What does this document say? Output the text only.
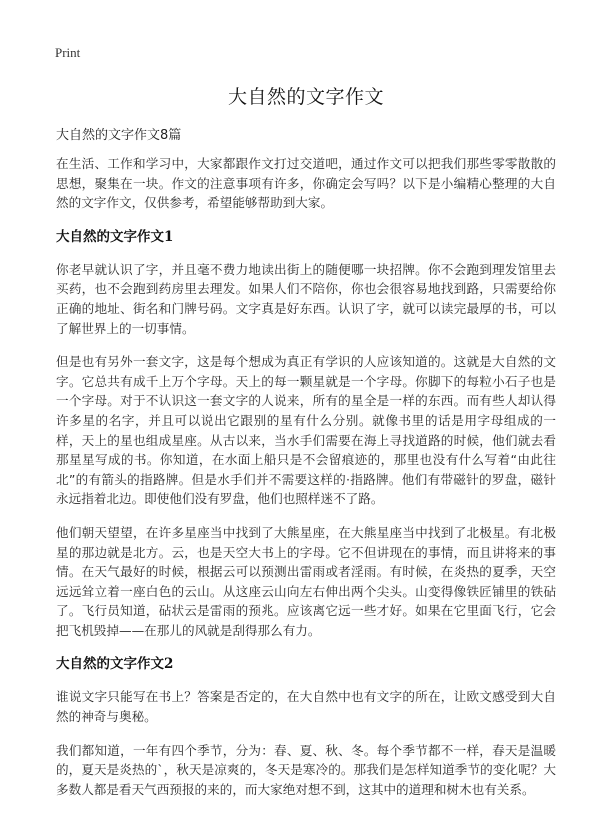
Print
大自然的文字作文
大自然的文字作文8篇

在生活、工作和学习中，大家都跟作文打过交道吧，通过作文可以把我们那些零零散散的思想，聚集在一块。作文的注意事项有许多，你确定会写吗？以下是小编精心整理的大自然的文字作文，仅供参考，希望能够帮助到大家。

大自然的文字作文1

你老早就认识了字，并且毫不费力地读出街上的随便哪一块招牌。你不会跑到理发馆里去买药，也不会跑到药房里去理发。如果人们不陪你，你也会很容易地找到路，只需要给你正确的地址、街名和门牌号码。文字真是好东西。认识了字，就可以读完最厚的书，可以了解世界上的一切事情。

但是也有另外一套文字，这是每个想成为真正有学识的人应该知道的。这就是大自然的文字。它总共有成千上万个字母。天上的每一颗星就是一个字母。你脚下的每粒小石子也是一个字母。对于不认识这一套文字的人说来，所有的星全是一样的东西。而有些人却认得许多星的名字，并且可以说出它跟别的星有什么分别。就像书里的话是用字母组成的一样，天上的星也组成星座。从古以来，当水手们需要在海上寻找道路的时候，他们就去看那星星写成的书。你知道，在水面上船只是不会留痕迹的，那里也没有什么写着“由此往北”的有箭头的指路牌。但是水手们并不需要这样的·指路牌。他们有带磁针的罗盘，磁针永远指着北边。即使他们没有罗盘，他们也照样迷不了路。

他们朝天望望，在许多星座当中找到了大熊星座，在大熊星座当中找到了北极星。有北极星的那边就是北方。云，也是天空大书上的字母。它不但讲现在的事情，而且讲将来的事情。在天气最好的时候，根据云可以预测出雷雨或者淫雨。有时候，在炎热的夏季，天空远远耸立着一座白色的云山。从这座云山向左右伸出两个尖头。山变得像铁匠铺里的铁砧了。飞行员知道，砧状云是雷雨的预兆。应该离它远一些才好。如果在它里面飞行，它会把飞机毁掉——在那儿的风就是刮得那么有力。

大自然的文字作文2

谁说文字只能写在书上？答案是否定的，在大自然中也有文字的所在，让欧文感受到大自然的神奇与奥秘。

我们都知道，一年有四个季节，分为：春、夏、秋、冬。每个季节都不一样，春天是温暖的，夏天是炎热的`，秋天是凉爽的，冬天是寒冷的。那我们是怎样知道季节的变化呢？大多数人都是看天气西预报的来的，而大家绝对想不到，这其中的道理和树木也有关系。
